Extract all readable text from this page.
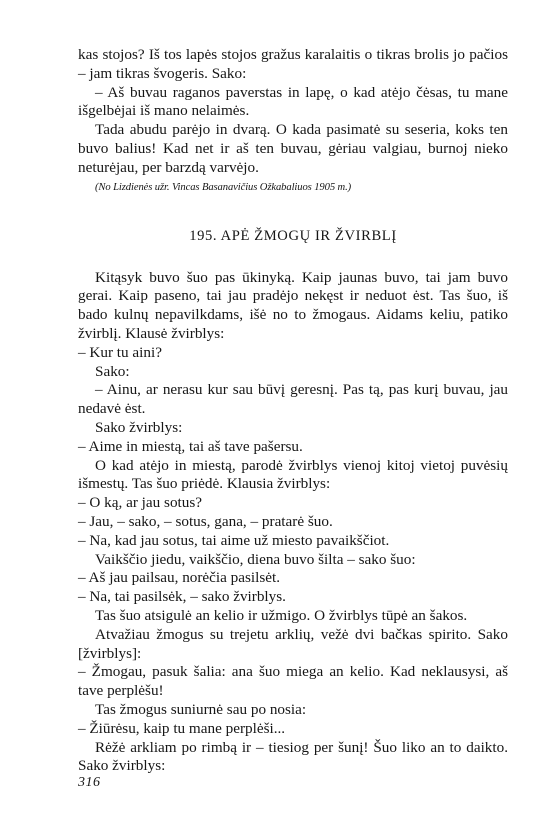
kas stojos? Iš tos lapės stojos gražus karalaitis o tikras brolis jo pačios – jam tikras švogeris. Sako:

– Aš buvau raganos paverstas in lapę, o kad atėjo čėsas, tu mane išgelbėjai iš mano nelaimės.

Tada abudu parėjo in dvarą. O kada pasimatė su seseria, koks ten buvo balius! Kad net ir aš ten buvau, gėriau valgiau, burnoj nieko neturėjau, per barzdą varvėjo.

(No Lizdienės užr. Vincas Basanavičius Ožkabaliuos 1905 m.)
195. APĖ ŽMOGŲ IR ŽVIRBLĮ

Kitąsyk buvo šuo pas ūkinyką. Kaip jaunas buvo, tai jam buvo gerai. Kaip paseno, tai jau pradėjo nekęst ir neduot ėst. Tas šuo, iš bado kulnų nepavilkdams, išė no to žmogaus. Aidams keliu, patiko žvirblį. Klausė žvirblys:

– Kur tu aini?

Sako:

– Ainu, ar nerasu kur sau būvį geresnį. Pas tą, pas kurį buvau, jau nedavė ėst.

Sako žvirblys:

– Aime in miestą, tai aš tave pašersu.

O kad atėjo in miestą, parodė žvirblys vienoj kitoj vietoj puvėsių išmestų. Tas šuo priėdė. Klausia žvirblys:

– O ką, ar jau sotus?

– Jau, – sako, – sotus, gana, – pratarė šuo.

– Na, kad jau sotus, tai aime už miesto pavaikščiot.

Vaikščio jiedu, vaikščio, diena buvo šilta – sako šuo:

– Aš jau pailsau, norėčia pasilsėt.

– Na, tai pasilsėk, – sako žvirblys.

Tas šuo atsigulė an kelio ir užmigo. O žvirblys tūpė an šakos.

Atvažiau žmogus su trejetu arklių, vežė dvi bačkas spirito. Sako [žvirblys]:

– Žmogau, pasuk šalia: ana šuo miega an kelio. Kad neklausysi, aš tave perplėšu!

Tas žmogus suniurnė sau po nosia:

– Žiūrėsu, kaip tu mane perplėši...

Rėžė arkliam po rimbą ir – tiesiog per šunį! Šuo liko an to daikto. Sako žvirblys:

316
